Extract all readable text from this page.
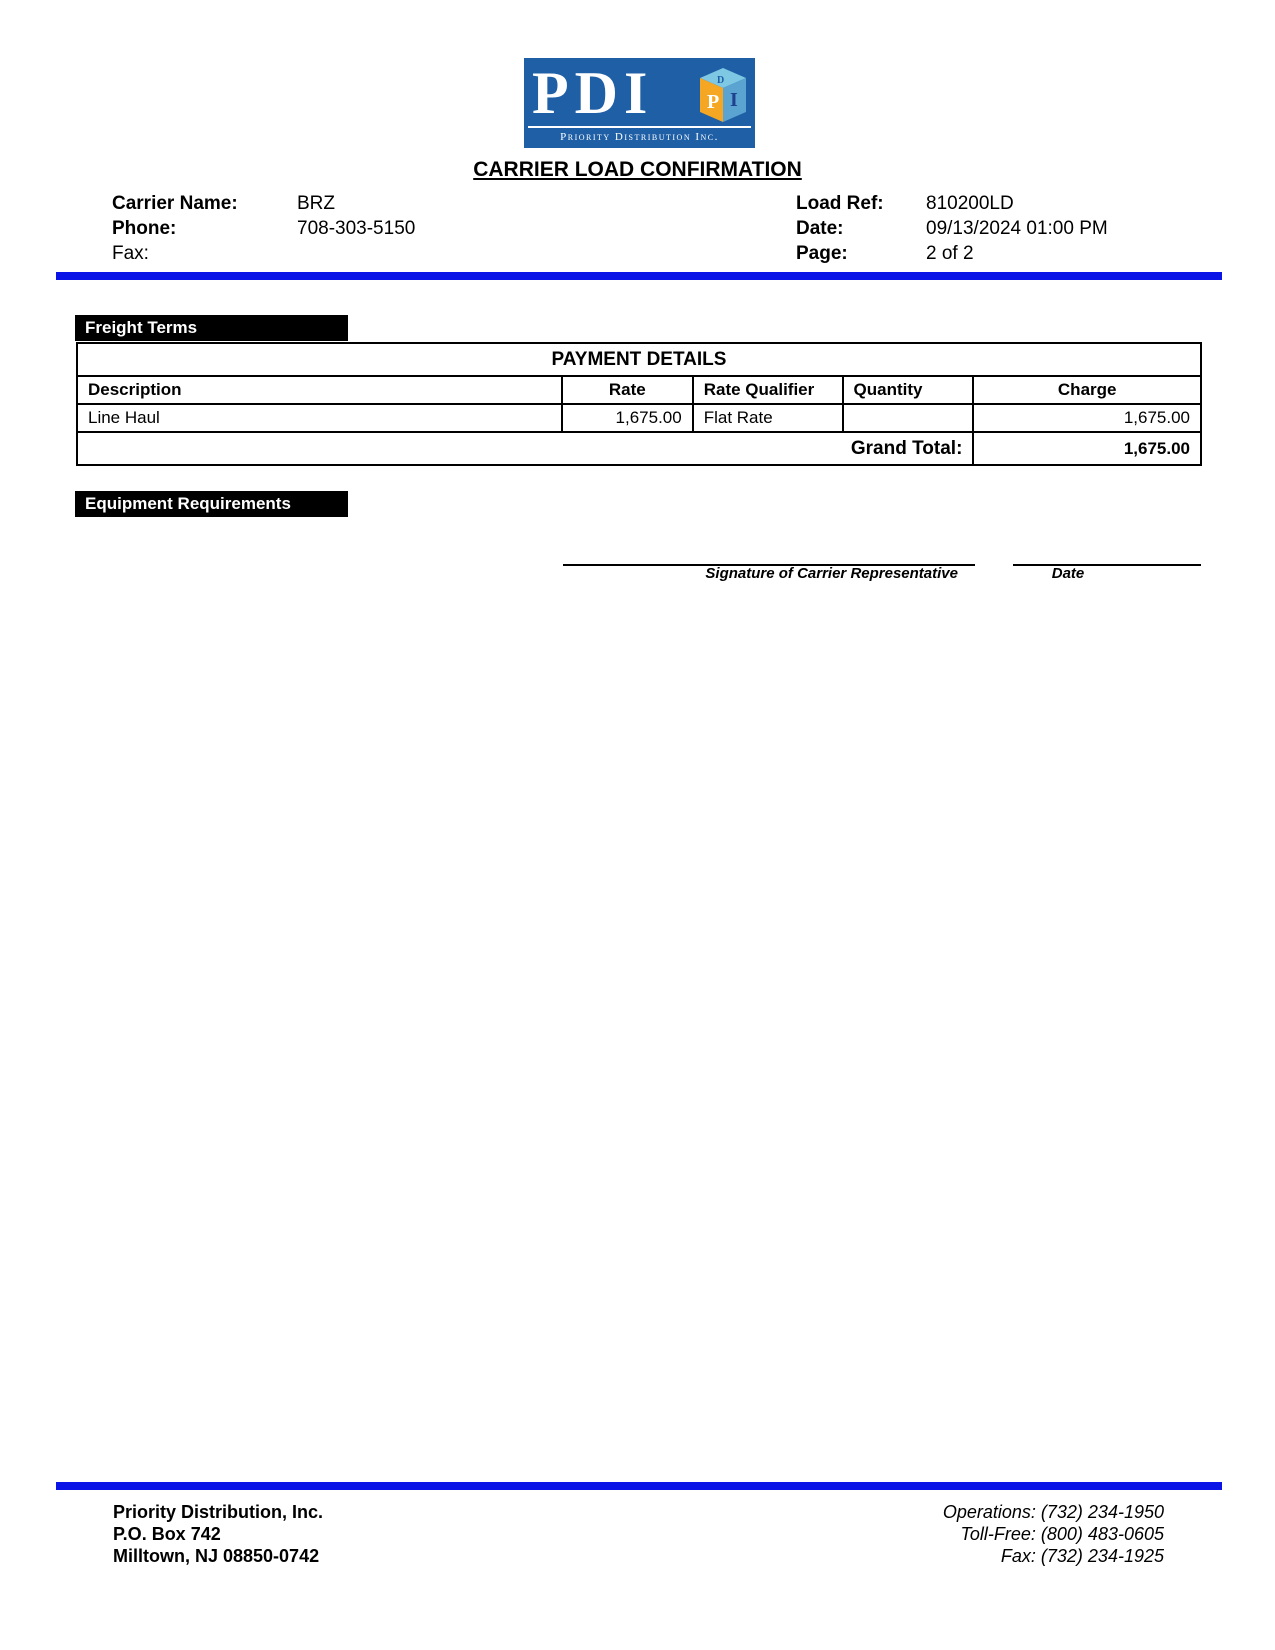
PDI	P I
D
Priority Distribution Inc.
CARRIER LOAD CONFIRMATION
Carrier Name:	BRZ
Phone:	708-303-5150
Fax:
Load Ref: 810200LD
Date:	09/13/2024 01:00 PM
Page:	2 of 2
Freight Terms
PAYMENT DETAILS				
Description	Rate	Rate Qualifier	Quantity	Charge
Line Haul	1,675.00	Flat Rate		1,675.00
Grand Total:				1,675.00
Equipment Requirements
Signature of Carrier Representative	Date
Priority Distribution, Inc.
P.O. Box 742
Milltown, NJ 08850-0742
Operations: (732) 234-1950
Toll-Free: (800) 483-0605
Fax: (732) 234-1925
